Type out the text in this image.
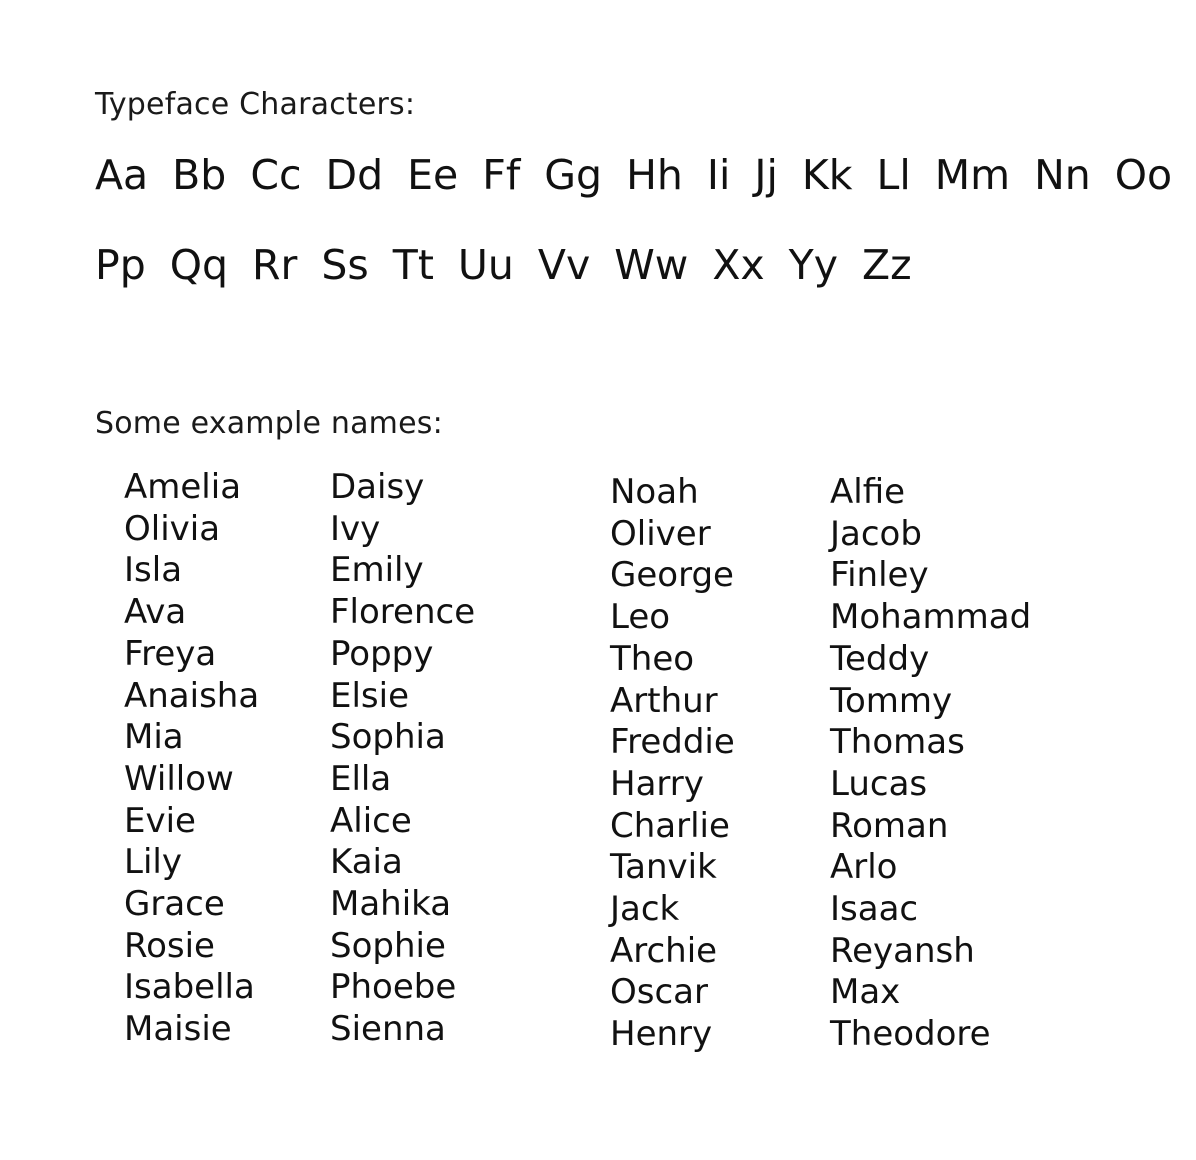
Typeface Characters:
Aa Bb Cc Dd Ee Ff Gg Hh Ii Jj Kk Ll Mm Nn Oo
Pp Qq Rr Ss Tt Uu Vv Ww Xx Yy Zz
Some example names:
Amelia
Olivia
Isla
Ava
Freya
Anaisha
Mia
Willow
Evie
Lily
Grace
Rosie
Isabella
Maisie
Daisy
Ivy
Emily
Florence
Poppy
Elsie
Sophia
Ella
Alice
Kaia
Mahika
Sophie
Phoebe
Sienna
Noah
Oliver
George
Leo
Theo
Arthur
Freddie
Harry
Charlie
Tanvik
Jack
Archie
Oscar
Henry
Alfie
Jacob
Finley
Mohammad
Teddy
Tommy
Thomas
Lucas
Roman
Arlo
Isaac
Reyansh
Max
Theodore
